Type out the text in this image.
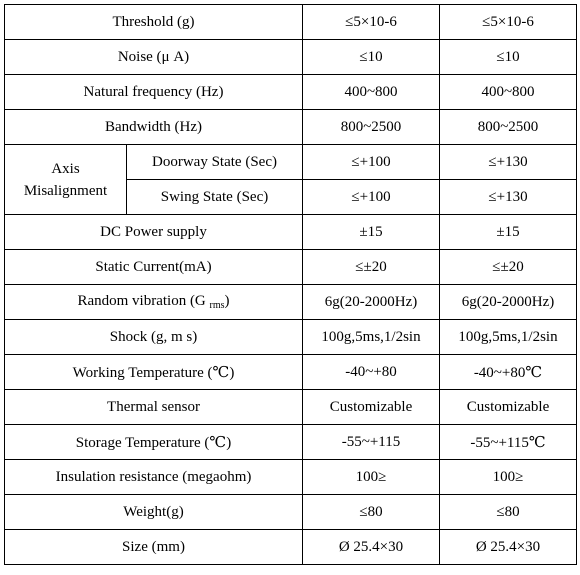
Threshold (g)		≤5×10-6	≤5×10-6
Noise (μ A)		≤10	≤10
Natural frequency (Hz)		400~800	400~800
Bandwidth (Hz)		800~2500	800~2500
Axis
Misalignment	Doorway State (Sec)	≤+100	≤+130
	Swing State (Sec)	≤+100	≤+130
DC Power supply		±15	±15
Static Current(mA)		≤±20	≤±20
Random vibration (G $_{rms}$)		6g(20-2000Hz)	6g(20-2000Hz)
Shock (g, m s)		100g,5ms,1/2sin	100g,5ms,1/2sin
Working Temperature (℃)		-40~+80	-40~+80℃
Thermal sensor		Customizable	Customizable
Storage Temperature (℃)		-55~+115	-55~+115℃
Insulation resistance (megaohm)		100≥	100≥
Weight(g)		≤80	≤80
Size (mm)		Ø 25.4×30	Ø 25.4×30
